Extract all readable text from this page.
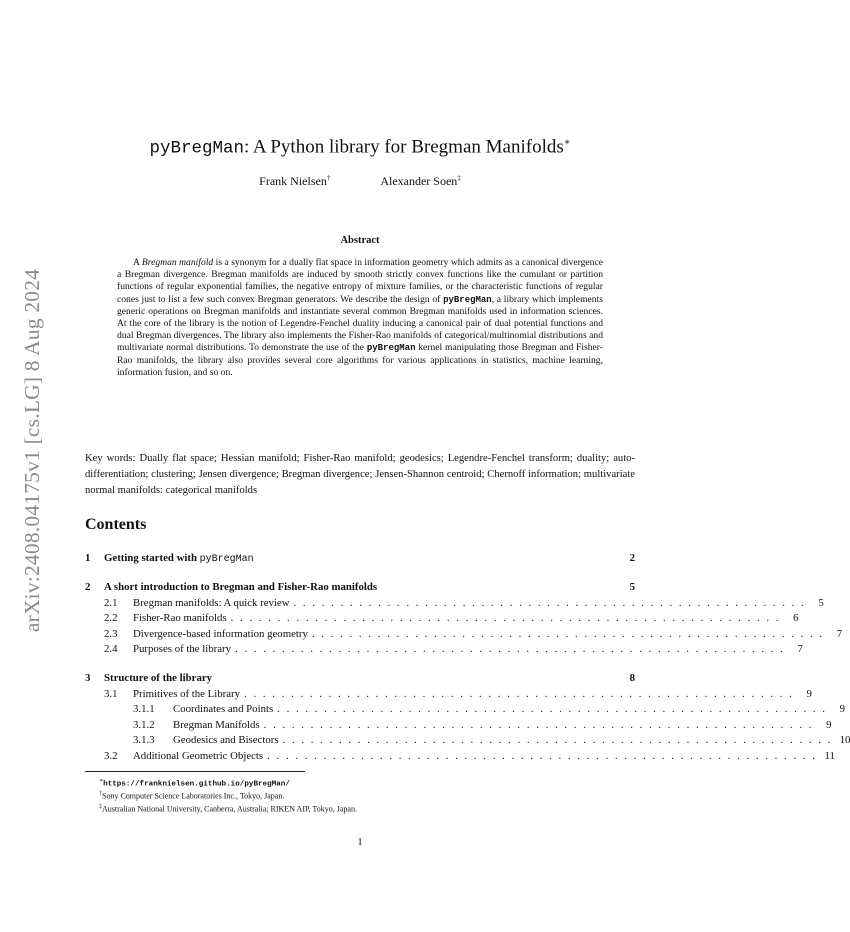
arXiv:2408.04175v1 [cs.LG] 8 Aug 2024
pyBregMan: A Python library for Bregman Manifolds∗
Frank Nielsen†	Alexander Soen‡
Abstract
A Bregman manifold is a synonym for a dually flat space in information geometry which admits as a canonical divergence a Bregman divergence. Bregman manifolds are induced by smooth strictly convex functions like the cumulant or partition functions of regular exponential families, the negative entropy of mixture families, or the characteristic functions of regular cones just to list a few such convex Bregman generators. We describe the design of pyBregMan, a library which implements generic operations on Bregman manifolds and instantiate several common Bregman manifolds used in information sciences. At the core of the library is the notion of Legendre-Fenchel duality inducing a canonical pair of dual potential functions and dual Bregman divergences. The library also implements the Fisher-Rao manifolds of categorical/multinomial distributions and multivariate normal distributions. To demonstrate the use of the pyBregMan kernel manipulating those Bregman and Fisher-Rao manifolds, the library also provides several core algorithms for various applications in statistics, machine learning, information fusion, and so on.
Key words: Dually flat space; Hessian manifold; Fisher-Rao manifold; geodesics; Legendre-Fenchel transform; duality; auto-differentiation; clustering; Jensen divergence; Bregman divergence; Jensen-Shannon centroid; Chernoff information; multivariate normal manifolds: categorical manifolds
Contents
1	Getting started with pyBregMan	2
2	A short introduction to Bregman and Fisher-Rao manifolds	5
2.1	Bregman manifolds: A quick review . . . . . . . . . . . . . . . . . . . . . . . . . . . . . . . . . . . . . . . . . . . . . . . . . . . . . . .	5
2.2	Fisher-Rao manifolds . . . . . . . . . . . . . . . . . . . . . . . . . . . . . . . . . . . . . . . . . . . . . . . . . . . . . . . . . . .	6
2.3	Divergence-based information geometry . . . . . . . . . . . . . . . . . . . . . . . . . . . . . . . . . . . . . . . . . . . . . . . . . . . . . . .	7
2.4	Purposes of the library . . . . . . . . . . . . . . . . . . . . . . . . . . . . . . . . . . . . . . . . . . . . . . . . . . . . . . . . . . .	7
3	Structure of the library	8
3.1	Primitives of the Library . . . . . . . . . . . . . . . . . . . . . . . . . . . . . . . . . . . . . . . . . . . . . . . . . . . . . . . . . . .	9
3.1.1	Coordinates and Points . . . . . . . . . . . . . . . . . . . . . . . . . . . . . . . . . . . . . . . . . . . . . . . . . . . . . . . . . . .	9
3.1.2	Bregman Manifolds . . . . . . . . . . . . . . . . . . . . . . . . . . . . . . . . . . . . . . . . . . . . . . . . . . . . . . . . . . .	9
3.1.3	Geodesics and Bisectors . . . . . . . . . . . . . . . . . . . . . . . . . . . . . . . . . . . . . . . . . . . . . . . . . . . . . . . . . . . 10
3.2	Additional Geometric Objects . . . . . . . . . . . . . . . . . . . . . . . . . . . . . . . . . . . . . . . . . . . . . . . . . . . . . . . . . . . 11
∗https://franknielsen.github.io/pyBregMan/
†Sony Computer Science Laboratories Inc., Tokyo, Japan.
‡Australian National University, Canberra, Australia; RIKEN AIP, Tokyo, Japan.
1
